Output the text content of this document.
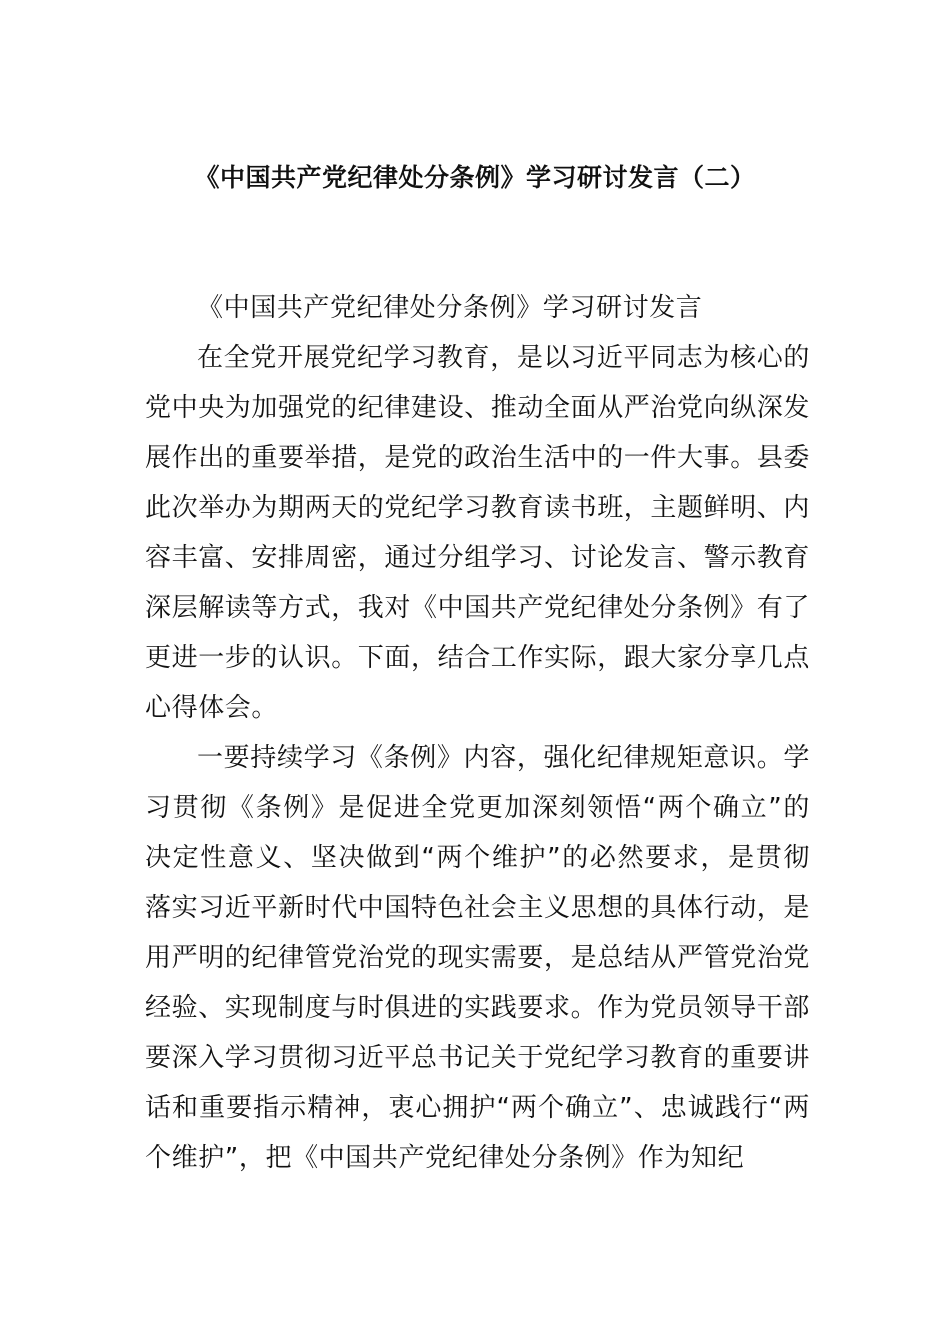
《中国共产党纪律处分条例》学习研讨发言（二）

《中国共产党纪律处分条例》学习研讨发言

在全党开展党纪学习教育，是以习近平同志为核心的党中央为加强党的纪律建设、推动全面从严治党向纵深发展作出的重要举措，是党的政治生活中的一件大事。县委此次举办为期两天的党纪学习教育读书班，主题鲜明、内容丰富、安排周密，通过分组学习、讨论发言、警示教育深层解读等方式，我对《中国共产党纪律处分条例》有了更进一步的认识。下面，结合工作实际，跟大家分享几点心得体会。

一要持续学习《条例》内容，强化纪律规矩意识。学习贯彻《条例》是促进全党更加深刻领悟“两个确立”的决定性意义、坚决做到“两个维护”的必然要求，是贯彻落实习近平新时代中国特色社会主义思想的具体行动，是用严明的纪律管党治党的现实需要，是总结从严管党治党经验、实现制度与时俱进的实践要求。作为党员领导干部要深入学习贯彻习近平总书记关于党纪学习教育的重要讲话和重要指示精神，衷心拥护“两个确立”、忠诚践行“两个维护”，把《中国共产党纪律处分条例》作为知纪
